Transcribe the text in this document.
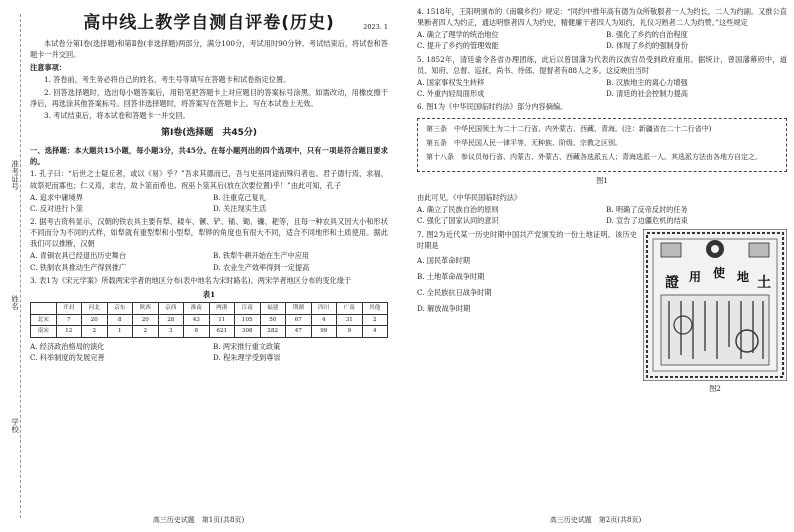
准考证号
姓名
学校
高中线上教学自测自评卷(历史)	2023. 1

本试卷分第Ⅰ卷(选择题)和第Ⅱ卷(非选择题)两部分，满分100分，考试用时90分钟。考试结束后，将试卷和答题卡一并交回。

注意事项：

1. 答卷前，考生务必将自己的姓名、考生号等填写在答题卡和试卷指定位置。

2. 回答选择题时，选出每小题答案后，用铅笔把答题卡上对应题目的答案标号涂黑。如需改动，用橡皮擦干净后，再选涂其他答案标号。回答非选择题时，将答案写在答题卡上。写在本试卷上无效。

3. 考试结束后，将本试卷和答题卡一并交回。

第Ⅰ卷(选择题　共45分)

一、选择题：本大题共15小题，每小题3分，共45分。在每小题列出的四个选项中，只有一项是符合题目要求的。

1. 孔子曰：“后世之士疑丘者，或以《易》乎？”吾求其德而已，吾与史巫同途而殊归者也。君子德行焉，求福，故祭祀而寡也；仁义焉，求吉，故卜筮而希也。祝巫卜筮其后(放在次要位置)乎！”由此可知，孔子

A. 追求中庸境界	B. 注重克己复礼
C. 反对进行卜筮	D. 关注现实生活

2. 据考古资料显示，汉朝的铁农具主要有犁、耧车、镢、铲、锸、锄、镰、耙等，且每一种农具又因大小和形状不同而分为不同的式样，如犁就有重型犁和小型犁，犁铧的角度也有很大不同，适合不同地形和土质使用。据此我们可以推断，汉朝

A. 青铜农具已经退出历史舞台	B. 铁犁牛耕开始在生产中应用
C. 铁制农具推动生产得到推广	D. 农业生产效率得到一定提高

3. 表1为《宋元学案》所载两宋学者的地区分布(表中地名为宋时路名)。两宋学者地区分布的变化缘于

表1
	开封	河北	京东	陕西	京西	淮南	两浙	江南	福建	荆湖	四川	广南	其他
北宋	7	20	8	20	28	43	11	105	50	67	4	31	2
南宋	12	2	1	2	3	8	621	308	282	47	99	9	4
A. 经济政治格局的演化	B. 两宋推行重文政策
C. 科举制度的发展完善	D. 程朱理学受到尊崇
高三历史试题　第1页(共8页)

4. 1518年，王阳明颁布的《南赣乡约》规定：“同约中推年高有德为众所敬服者一人为约长，二人为约副。又推公直果断者四人为约正，通达明察者四人为约史，精健廉干者四人为知约，礼仪习熟者二人为约赞。”这些规定

A. 确立了理学的统治地位	B. 强化了乡约的自治程度
C. 提升了乡约的管理效能	D. 体现了乡约的强制身份

5. 1852年，清廷谕令各省办理团练，此后以曾国藩为代表的汉族官员受到政府重用。据统计，曾国藩幕府中，道员、知府、总督、巡抚、尚书、侍郎、提督者有88人之多。这反映出当时

A. 国家事权发生转移	B. 汉族地主的离心力增强
C. 外重内轻局面形成	D. 清廷的社会控制力提高

6. 图1为《中华民国临时约法》部分内容摘编。

第三条　中华民国领土为二十二行省、内外蒙古、西藏、青海。(注：新疆省在二十二行省中)

第五条　中华民国人民一律平等，无种族、阶级、宗教之区别。

第十八条　参议员每行省、内蒙古、外蒙古、西藏各选派五人；青海选派一人。其选派方法由各地方自定之。

图1

由此可见，《中华民国临时约法》

A. 确立了民族自治的原则	B. 明确了反帝反封的任务
C. 强化了国家认同的意识	D. 宣告了边疆危机的结束

7. 图2为近代某一历史时期中国共产党颁发的一份土地证明。该历史时期是

A. 国民革命时期
B. 土地革命战争时期
C. 全民族抗日战争时期
D. 解放战争时期
證 用 使 地 土
图2
高三历史试题　第2页(共8页)
